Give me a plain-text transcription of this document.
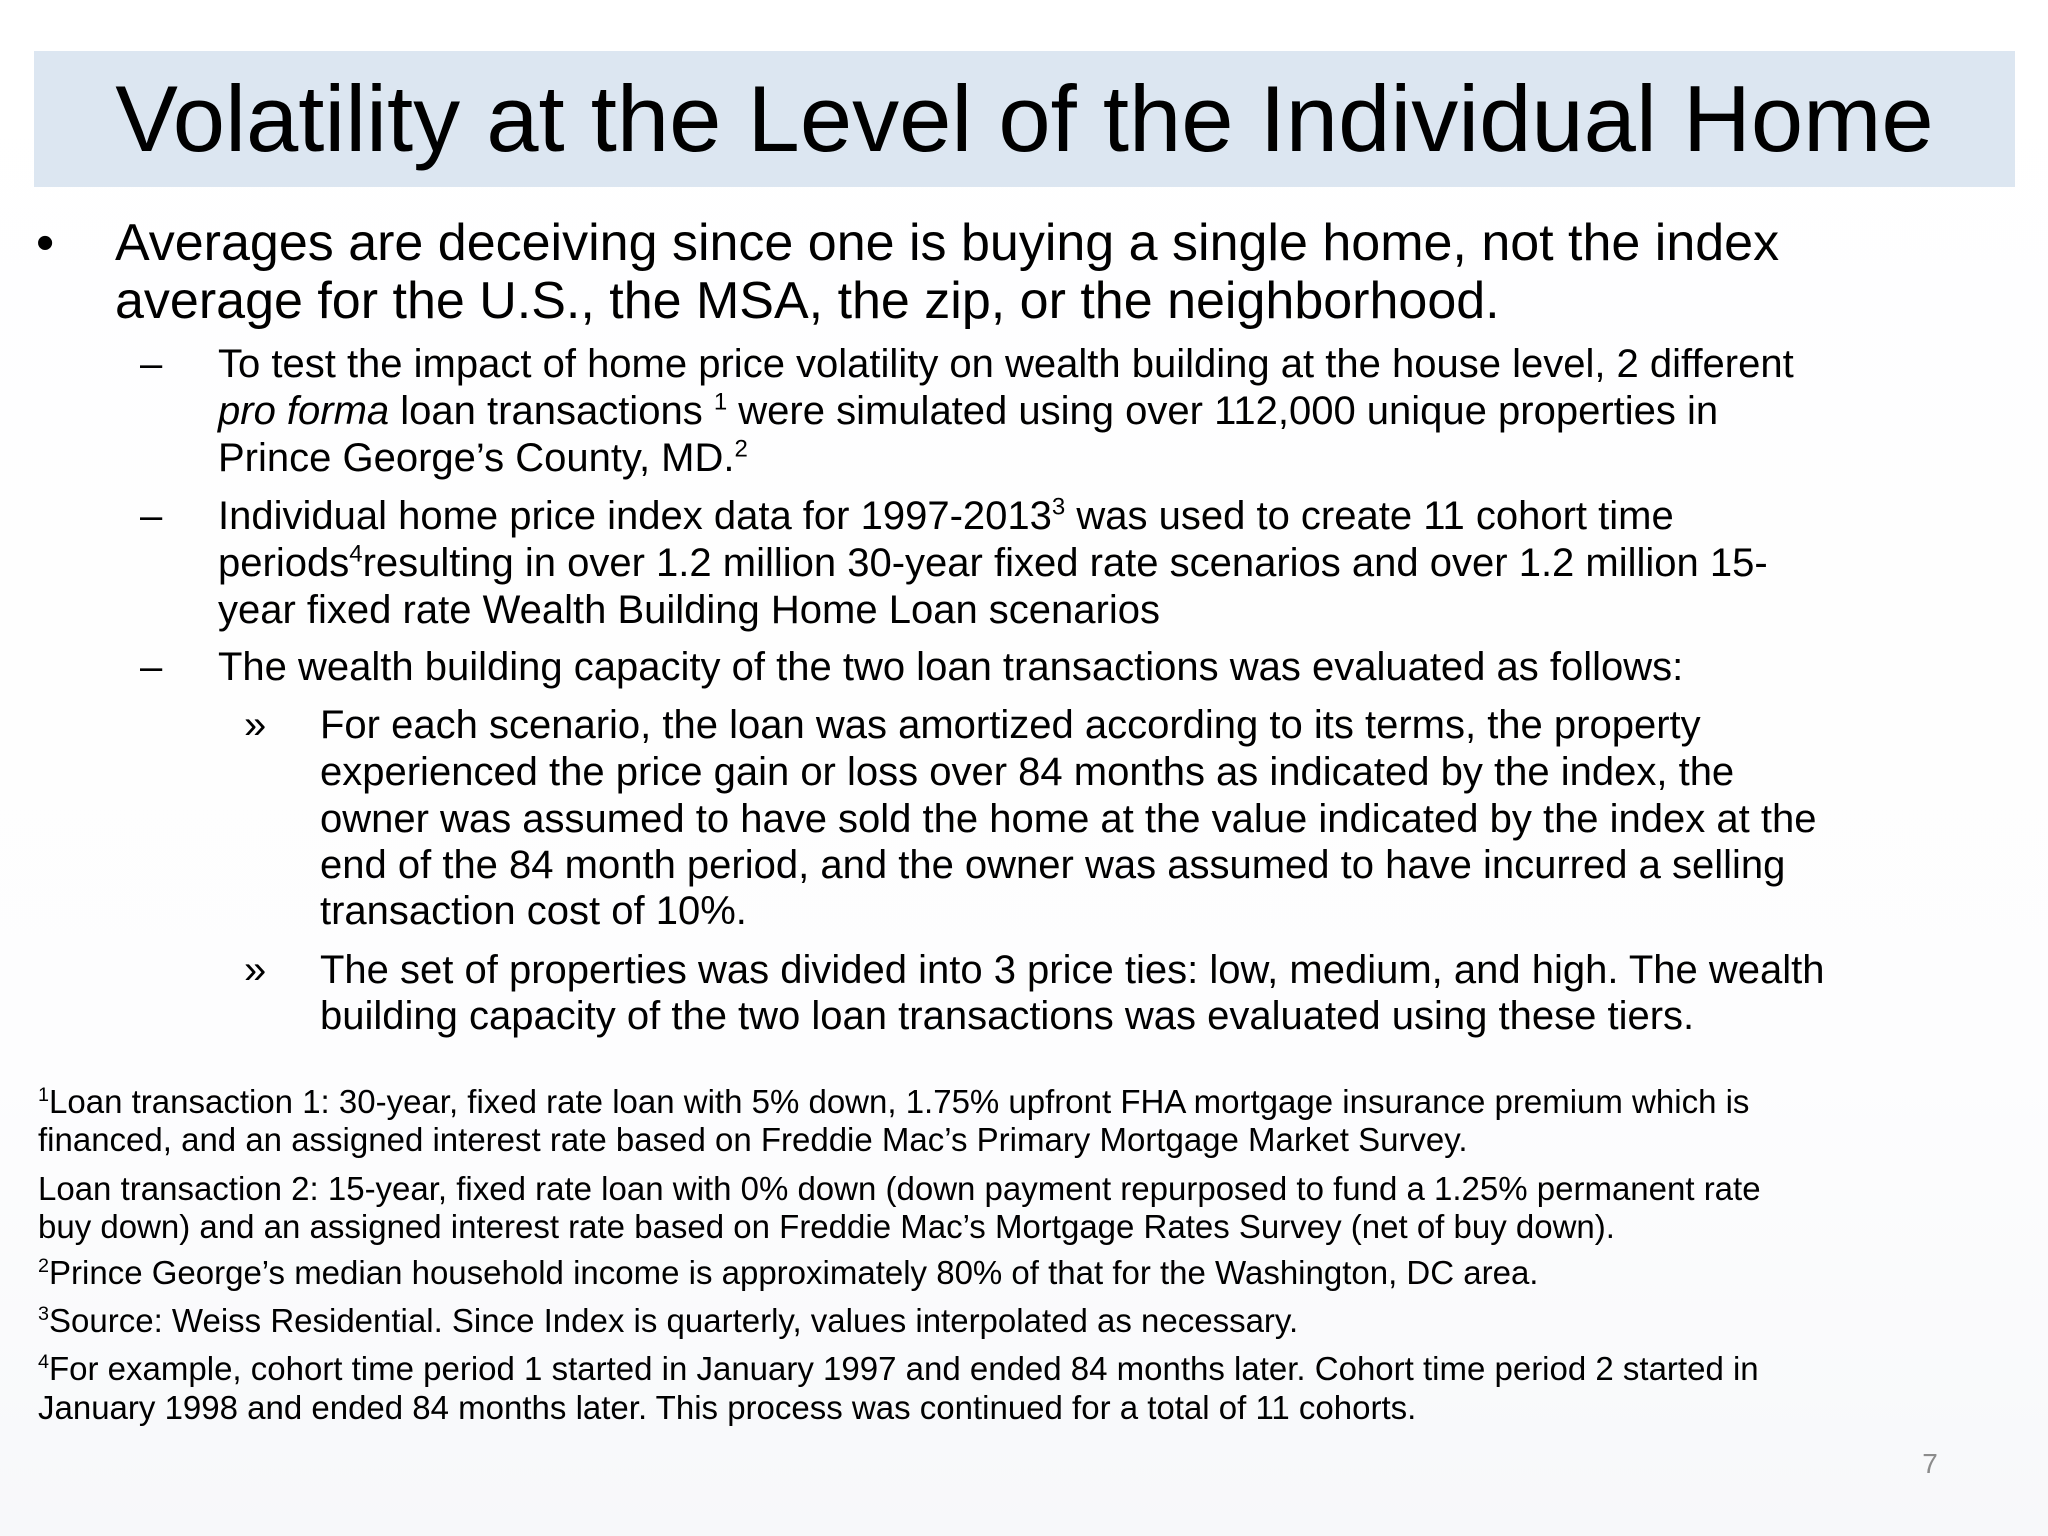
Volatility at the Level of the Individual Home
• Averages are deceiving since one is buying a single home, not the index
average for the U.S., the MSA, the zip, or the neighborhood.
– To test the impact of home price volatility on wealth building at the house level, 2 different
pro forma loan transactions $^1$ were simulated using over 112,000 unique properties in
Prince George’s County, MD.$^2$
– Individual home price index data for 1997-2013$^3$ was used to create 11 cohort time
periods$^4$resulting in over 1.2 million 30-year fixed rate scenarios and over 1.2 million 15-
year fixed rate Wealth Building Home Loan scenarios
– The wealth building capacity of the two loan transactions was evaluated as follows:
» For each scenario, the loan was amortized according to its terms, the property
experienced the price gain or loss over 84 months as indicated by the index, the
owner was assumed to have sold the home at the value indicated by the index at the
end of the 84 month period, and the owner was assumed to have incurred a selling
transaction cost of 10%.
» The set of properties was divided into 3 price ties: low, medium, and high. The wealth
building capacity of the two loan transactions was evaluated using these tiers.
$^1$Loan transaction 1: 30-year, fixed rate loan with 5% down, 1.75% upfront FHA mortgage insurance premium which is
financed, and an assigned interest rate based on Freddie Mac’s Primary Mortgage Market Survey.
Loan transaction 2: 15-year, fixed rate loan with 0% down (down payment repurposed to fund a 1.25% permanent rate
buy down) and an assigned interest rate based on Freddie Mac’s Mortgage Rates Survey (net of buy down).
$^2$Prince George’s median household income is approximately 80% of that for the Washington, DC area.
$^3$Source: Weiss Residential. Since Index is quarterly, values interpolated as necessary.
$^4$For example, cohort time period 1 started in January 1997 and ended 84 months later. Cohort time period 2 started in
January 1998 and ended 84 months later. This process was continued for a total of 11 cohorts.
7
